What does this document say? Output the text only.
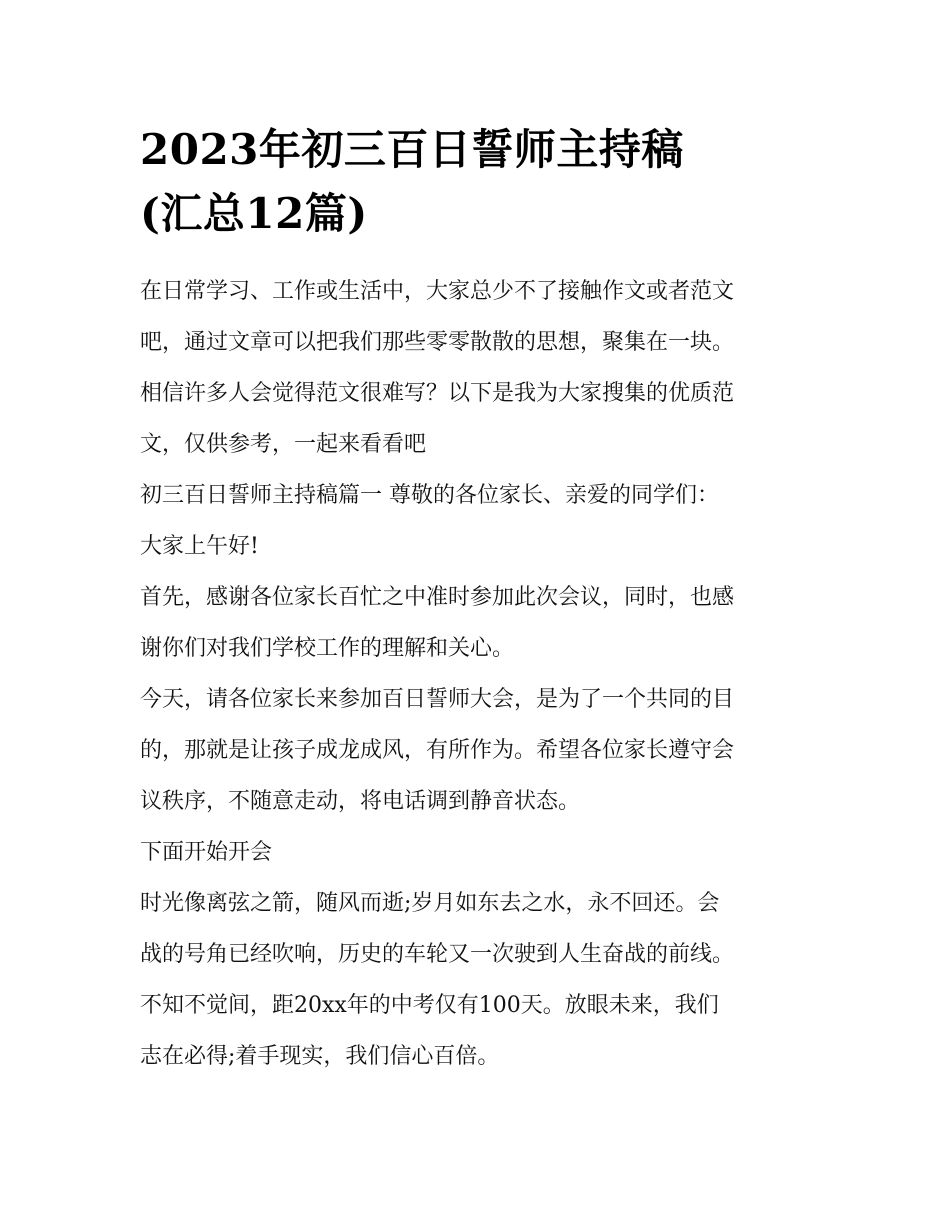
2023年初三百日誓师主持稿
(汇总12篇)
在日常学习、工作或生活中，大家总少不了接触作文或者范文
吧，通过文章可以把我们那些零零散散的思想，聚集在一块。
相信许多人会觉得范文很难写？以下是我为大家搜集的优质范
文，仅供参考，一起来看看吧
初三百日誓师主持稿篇一 尊敬的各位家长、亲爱的同学们：
大家上午好!
首先，感谢各位家长百忙之中准时参加此次会议，同时，也感
谢你们对我们学校工作的理解和关心。
今天，请各位家长来参加百日誓师大会，是为了一个共同的目
的，那就是让孩子成龙成风，有所作为。希望各位家长遵守会
议秩序，不随意走动，将电话调到静音状态。
下面开始开会
时光像离弦之箭，随风而逝;岁月如东去之水，永不回还。会
战的号角已经吹响，历史的车轮又一次驶到人生奋战的前线。
不知不觉间，距20xx年的中考仅有100天。放眼未来，我们
志在必得;着手现实，我们信心百倍。
